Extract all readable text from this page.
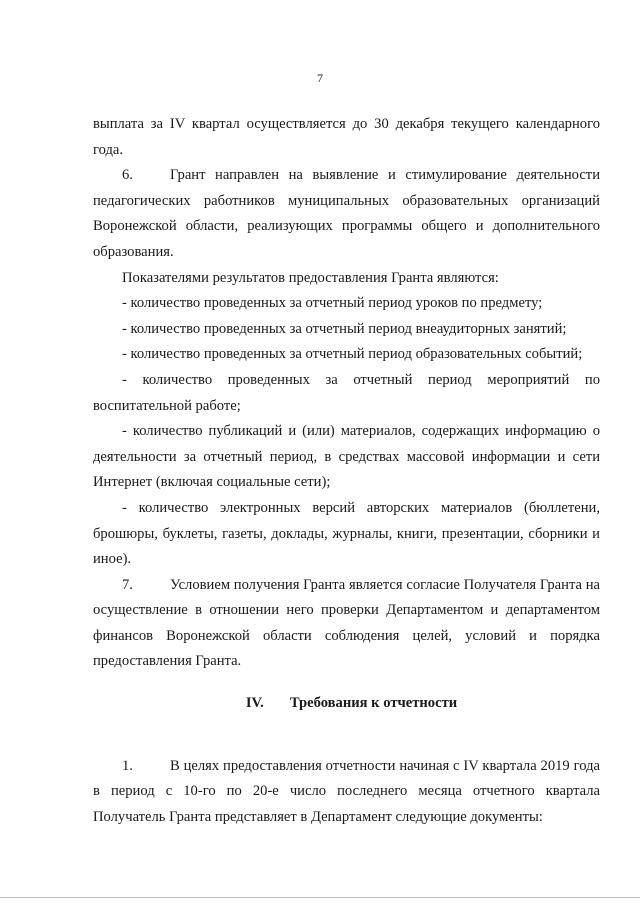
7

выплата за IV квартал осуществляется до 30 декабря текущего календарного года.

6.	Грант направлен на выявление и стимулирование деятельности педагогических работников муниципальных образовательных организаций Воронежской области, реализующих программы общего и дополнительного образования.

Показателями результатов предоставления Гранта являются:

- количество проведенных за отчетный период уроков по предмету;

- количество проведенных за отчетный период внеаудиторных занятий;

- количество проведенных за отчетный период образовательных событий;

- количество проведенных за отчетный период мероприятий по воспитательной работе;

- количество публикаций и (или) материалов, содержащих информацию о деятельности за отчетный период, в средствах массовой информации и сети Интернет (включая социальные сети);

- количество электронных версий авторских материалов (бюллетени, брошюры, буклеты, газеты, доклады, журналы, книги, презентации, сборники и иное).

7.	Условием получения Гранта является согласие Получателя Гранта на осуществление в отношении него проверки Департаментом и департаментом финансов Воронежской области соблюдения целей, условий и порядка предоставления Гранта.

IV. Требования к отчетности

1.	В целях предоставления отчетности начиная с IV квартала 2019 года в период с 10-го по 20-е число последнего месяца отчетного квартала Получатель Гранта представляет в Департамент следующие документы:
